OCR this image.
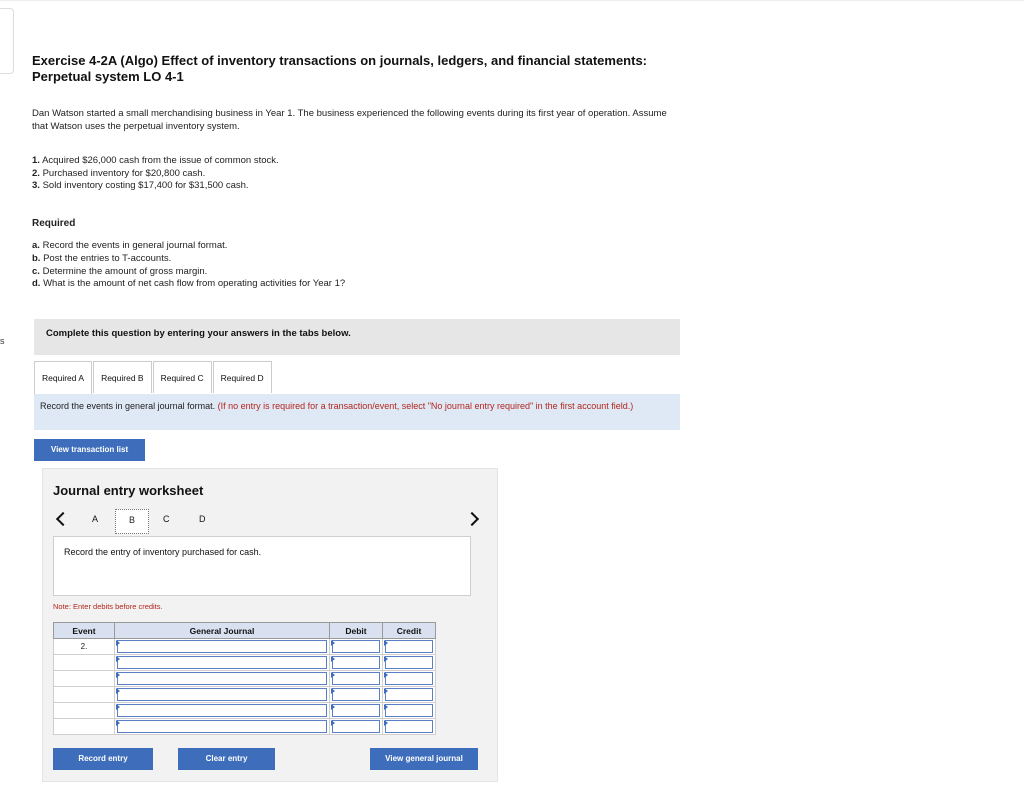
s
Exercise 4-2A (Algo) Effect of inventory transactions on journals, ledgers, and financial statements: Perpetual system LO 4-1
Dan Watson started a small merchandising business in Year 1. The business experienced the following events during its first year of operation. Assume that Watson uses the perpetual inventory system.
1. Acquired $26,000 cash from the issue of common stock.
2. Purchased inventory for $20,800 cash.
3. Sold inventory costing $17,400 for $31,500 cash.
Required
a. Record the events in general journal format.
b. Post the entries to T-accounts.
c. Determine the amount of gross margin.
d. What is the amount of net cash flow from operating activities for Year 1?
Complete this question by entering your answers in the tabs below.
Required A	Required B	Required C	Required D
Record the events in general journal format. (If no entry is required for a transaction/event, select "No journal entry required" in the first account field.)
View transaction list
Journal entry worksheet
A	B	C	D
Record the entry of inventory purchased for cash.
Note: Enter debits before credits.
Event	General Journal	Debit	Credit
2.	

Record entry	Clear entry	View general journal
